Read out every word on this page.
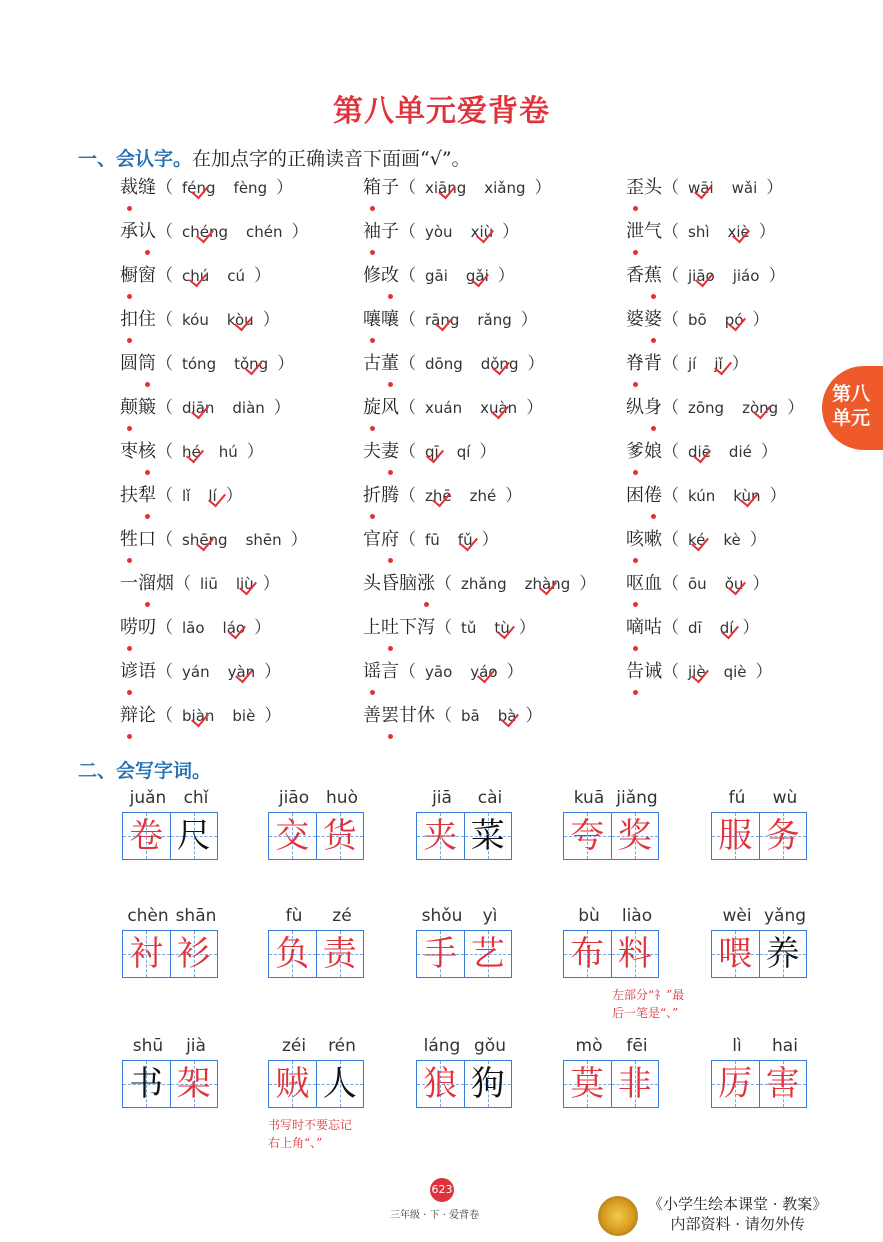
第八单元爱背卷
一、会认字。在加点字的正确读音下面画“√”。
裁缝（ féng fèng ）
承认（ chéng chén ）
橱窗（ chú cú ）
扣住（ kóu kòu ）
圆筒（ tóng tǒng ）
颠簸（ diān diàn ）
枣核（ hé hú ）
扶犁（ lǐ lí ）
牲口（ shēng shēn ）
一溜烟（ liū liù ）
唠叨（ lāo láo ）
谚语（ yán yàn ）
辩论（ biàn biè ）
箱子（ xiāng xiǎng ）
袖子（ yòu xiù ）
修改（ gāi gǎi ）
嚷嚷（ rāng rǎng ）
古董（ dōng dǒng ）
旋风（ xuán xuàn ）
夫妻（ qī qí ）
折腾（ zhē zhé ）
官府（ fū fǔ ）
头昏脑涨（ zhǎng zhàng ）
上吐下泻（ tǔ tù ）
谣言（ yāo yáo ）
善罢甘休（ bā bà ）
歪头（ wāi wǎi ）
泄气（ shì xiè ）
香蕉（ jiāo jiáo ）
婆婆（ bō pó ）
脊背（ jí jǐ ）
纵身（ zōng zòng ）
爹娘（ diē dié ）
困倦（ kún kùn ）
咳嗽（ ké kè ）
呕血（ ōu ǒu ）
嘀咕（ dī dí ）
告诫（ jiè qiè ）
第八
单元
二、会写字词。
juǎn chǐ
卷 尺
jiāo huò
交 货
jiā cài
夹 菜
kuā jiǎng
夸 奖
fú wù
服 务
chèn shān
衬 衫
fù zé
负 责
shǒu yì
手 艺
bù liào
布 料
wèi yǎng
喂 养
shū jià
书 架
zéi rén
贼 人
láng gǒu
狼 狗
mò fēi
莫 非
lì hai
厉 害
左部分“礻”最
后一笔是“、”
书写时不要忘记
右上角“、”
623
三年级 · 下 · 爱背卷
《小学生绘本课堂 · 教案》
内部资料 · 请勿外传
